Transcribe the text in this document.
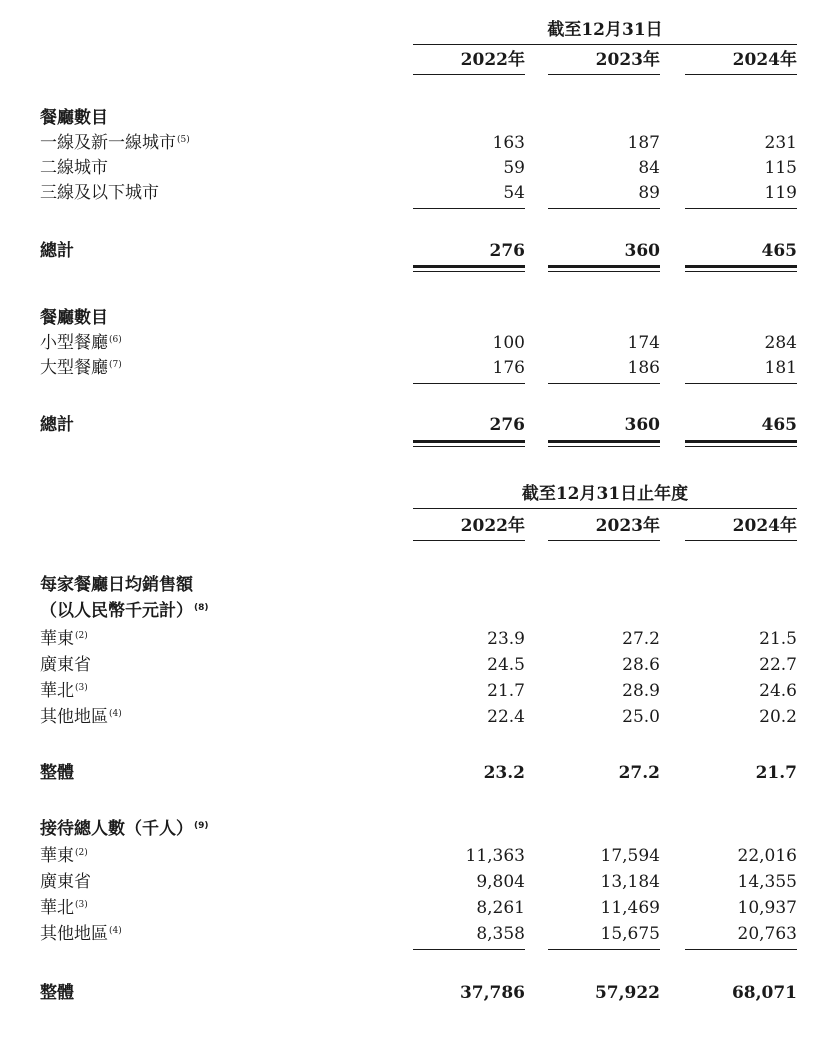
截至12月31日
2022年	2023年	2024年
餐廳數目
一線及新一線城市$^{(5)}$	163	187	231
二線城市	59	84	115
三線及以下城市	54	89	119
總計	276	360	465
餐廳數目
小型餐廳$^{(6)}$	100	174	284
大型餐廳$^{(7)}$	176	186	181
總計	276	360	465
截至12月31日止年度
2022年	2023年	2024年
每家餐廳日均銷售額
（以人民幣千元計）$^{(8)}$
華東$^{(2)}$	23.9	27.2	21.5
廣東省	24.5	28.6	22.7
華北$^{(3)}$	21.7	28.9	24.6
其他地區$^{(4)}$	22.4	25.0	20.2
整體	23.2	27.2	21.7
接待總人數（千人）$^{(9)}$
華東$^{(2)}$	11,363	17,594	22,016
廣東省	9,804	13,184	14,355
華北$^{(3)}$	8,261	11,469	10,937
其他地區$^{(4)}$	8,358	15,675	20,763
整體	37,786	57,922	68,071
